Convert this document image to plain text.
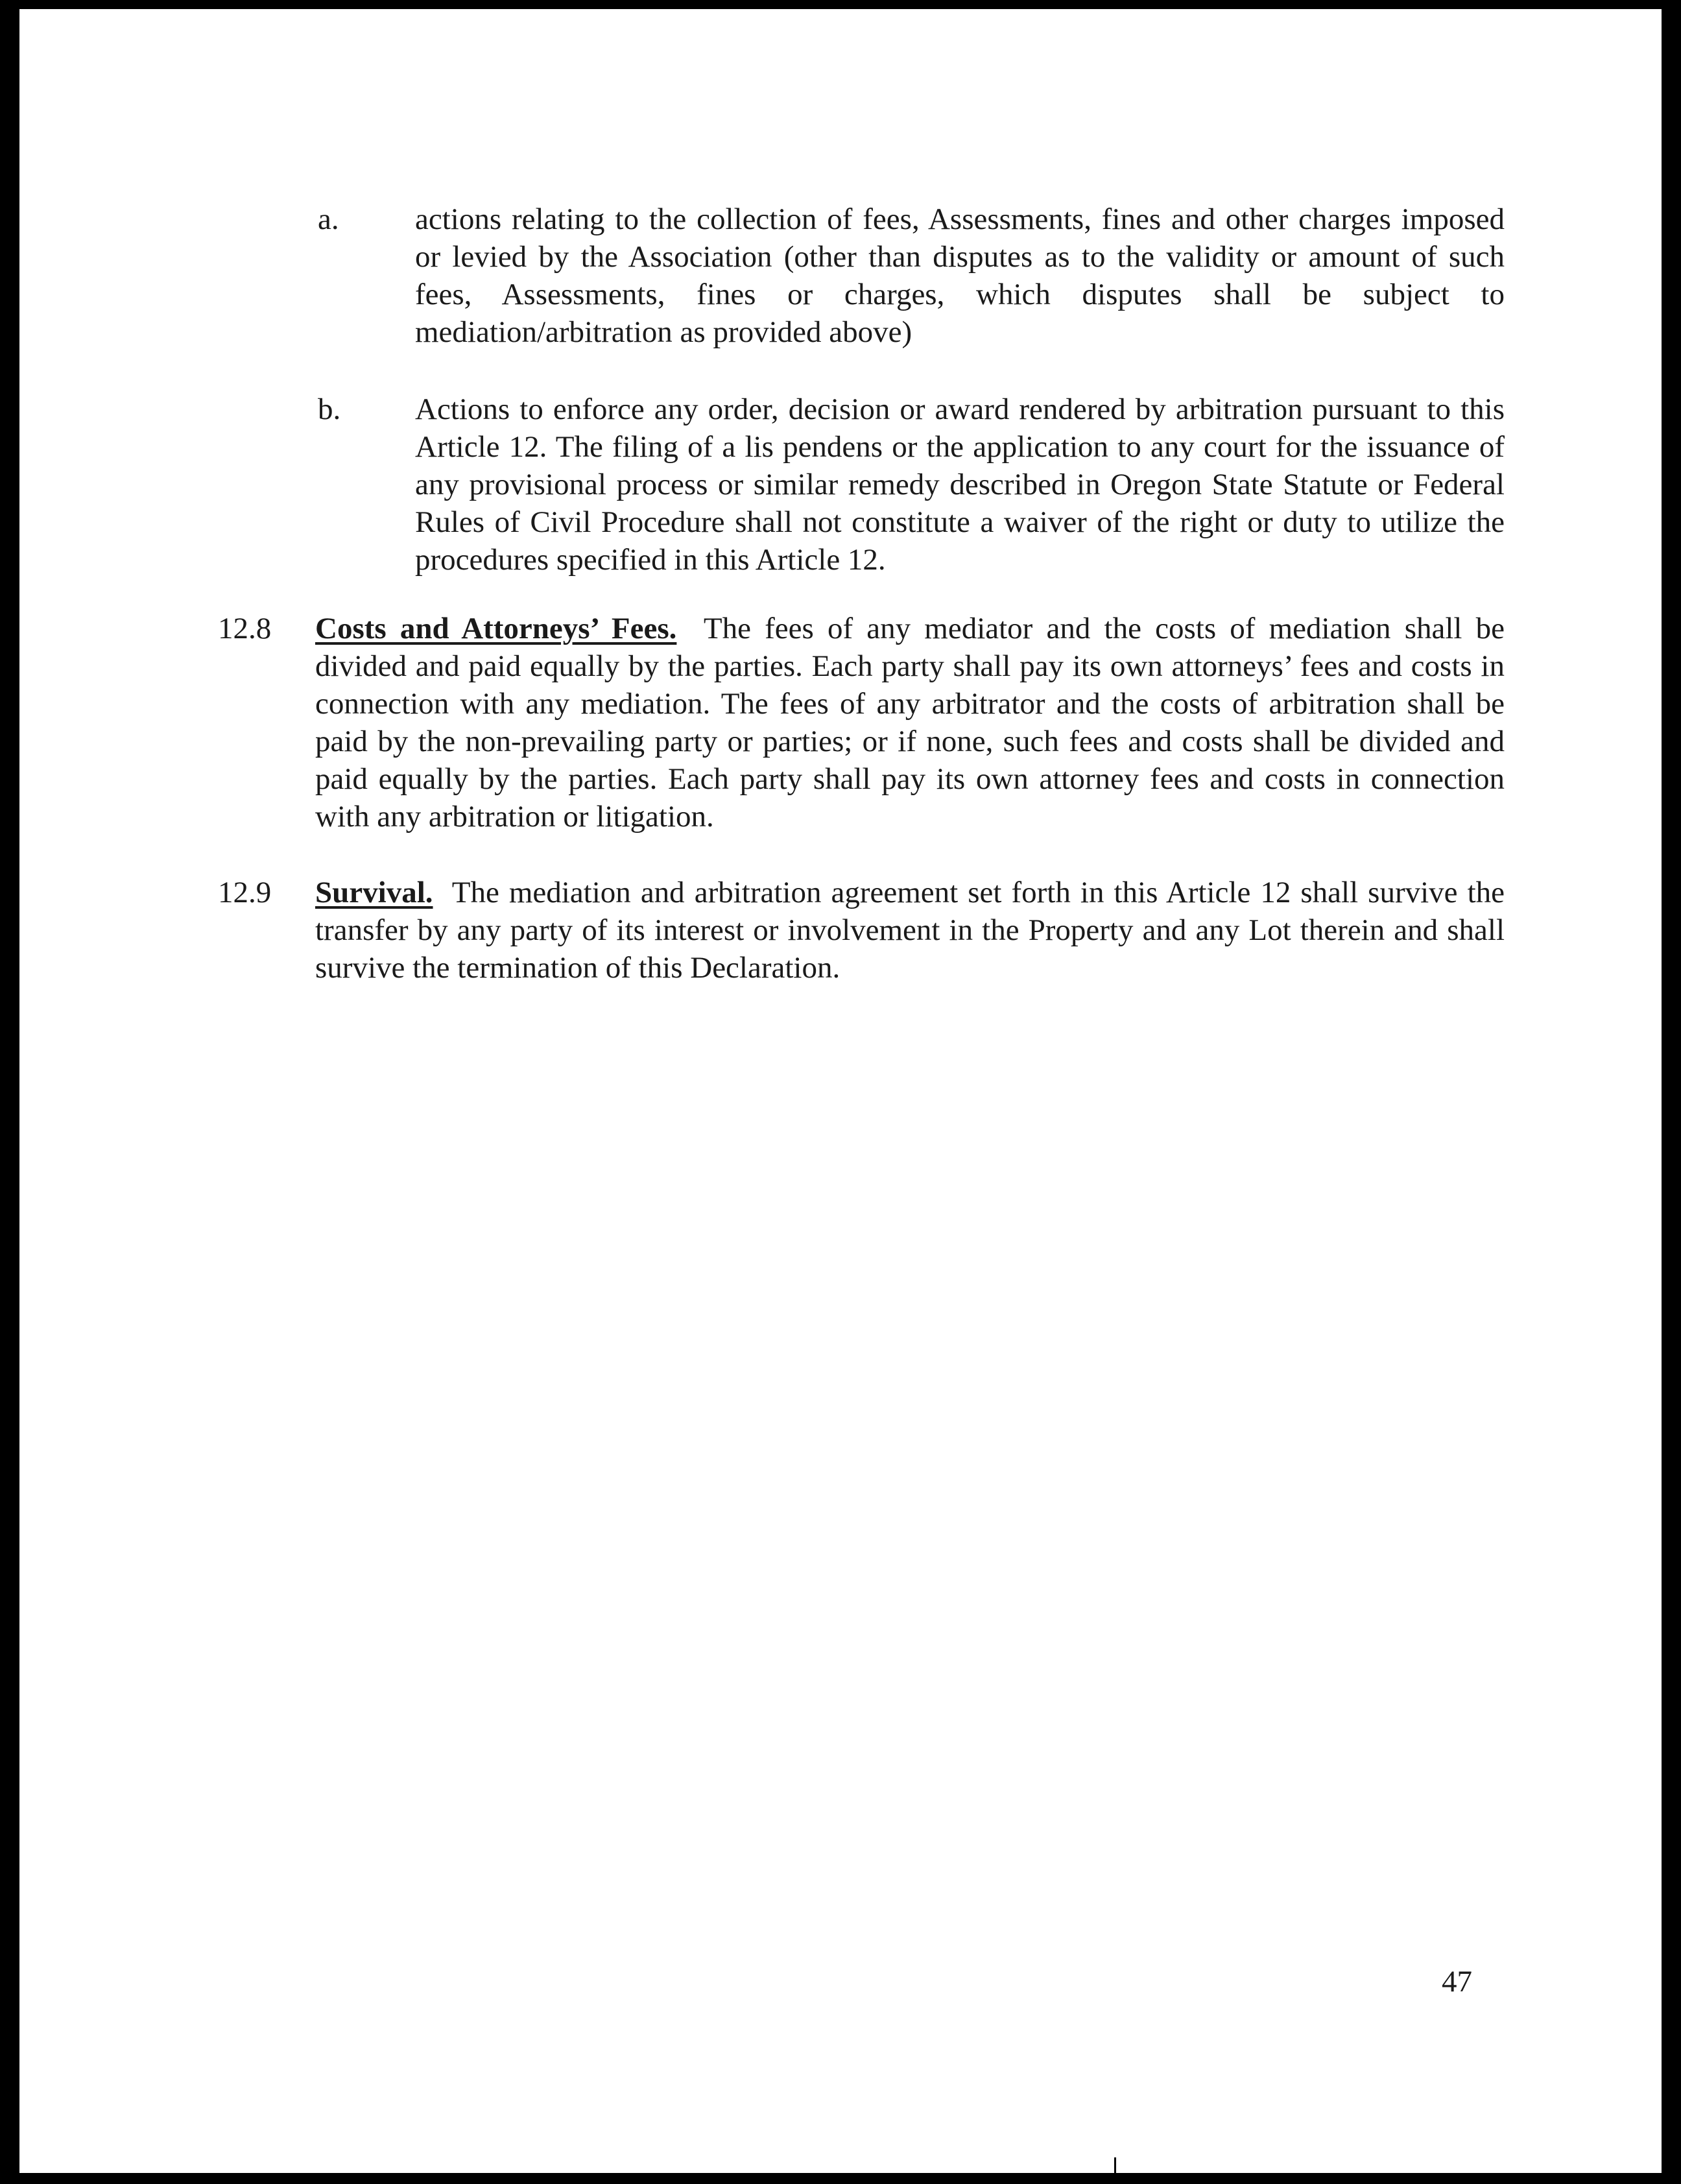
a. actions relating to the collection of fees, Assessments, fines and other charges imposed or levied by the Association (other than disputes as to the validity or amount of such fees, Assessments, fines or charges, which disputes shall be subject to mediation/arbitration as provided above)
b. Actions to enforce any order, decision or award rendered by arbitration pursuant to this Article 12. The filing of a lis pendens or the application to any court for the issuance of any provisional process or similar remedy described in Oregon State Statute or Federal Rules of Civil Procedure shall not constitute a waiver of the right or duty to utilize the procedures specified in this Article 12.
12.8 Costs and Attorneys’ Fees. The fees of any mediator and the costs of mediation shall be divided and paid equally by the parties. Each party shall pay its own attorneys’ fees and costs in connection with any mediation. The fees of any arbitrator and the costs of arbitration shall be paid by the non-prevailing party or parties; or if none, such fees and costs shall be divided and paid equally by the parties. Each party shall pay its own attorney fees and costs in connection with any arbitration or litigation.
12.9 Survival. The mediation and arbitration agreement set forth in this Article 12 shall survive the transfer by any party of its interest or involvement in the Property and any Lot therein and shall survive the termination of this Declaration.
47
